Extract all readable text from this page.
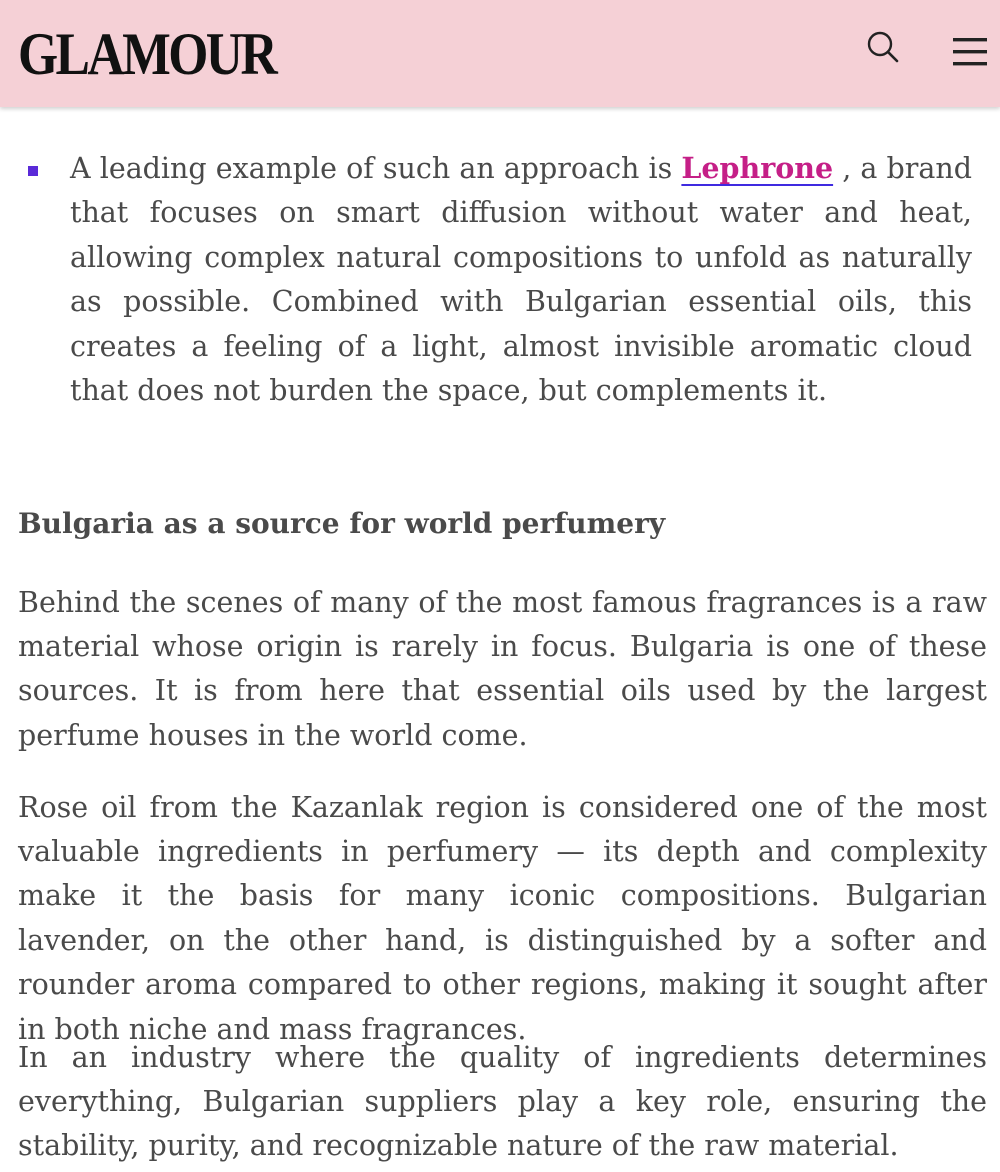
GLAMOUR
A leading example of such an approach is Lephrone , a brand that focuses on smart diffusion without water and heat, allowing complex natural compositions to unfold as naturally as possible. Combined with Bulgarian essential oils, this creates a feeling of a light, almost invisible aromatic cloud that does not burden the space, but complements it.
Bulgaria as a source for world perfumery

Behind the scenes of many of the most famous fragrances is a raw material whose origin is rarely in focus. Bulgaria is one of these sources. It is from here that essential oils used by the largest perfume houses in the world come.

Rose oil from the Kazanlak region is considered one of the most valuable ingredients in perfumery — its depth and complexity make it the basis for many iconic compositions. Bulgarian lavender, on the other hand, is distinguished by a softer and rounder aroma compared to other regions, making it sought after in both niche and mass fragrances.

In an industry where the quality of ingredients determines everything, Bulgarian suppliers play a key role, ensuring the stability, purity, and recognizable nature of the raw material.
